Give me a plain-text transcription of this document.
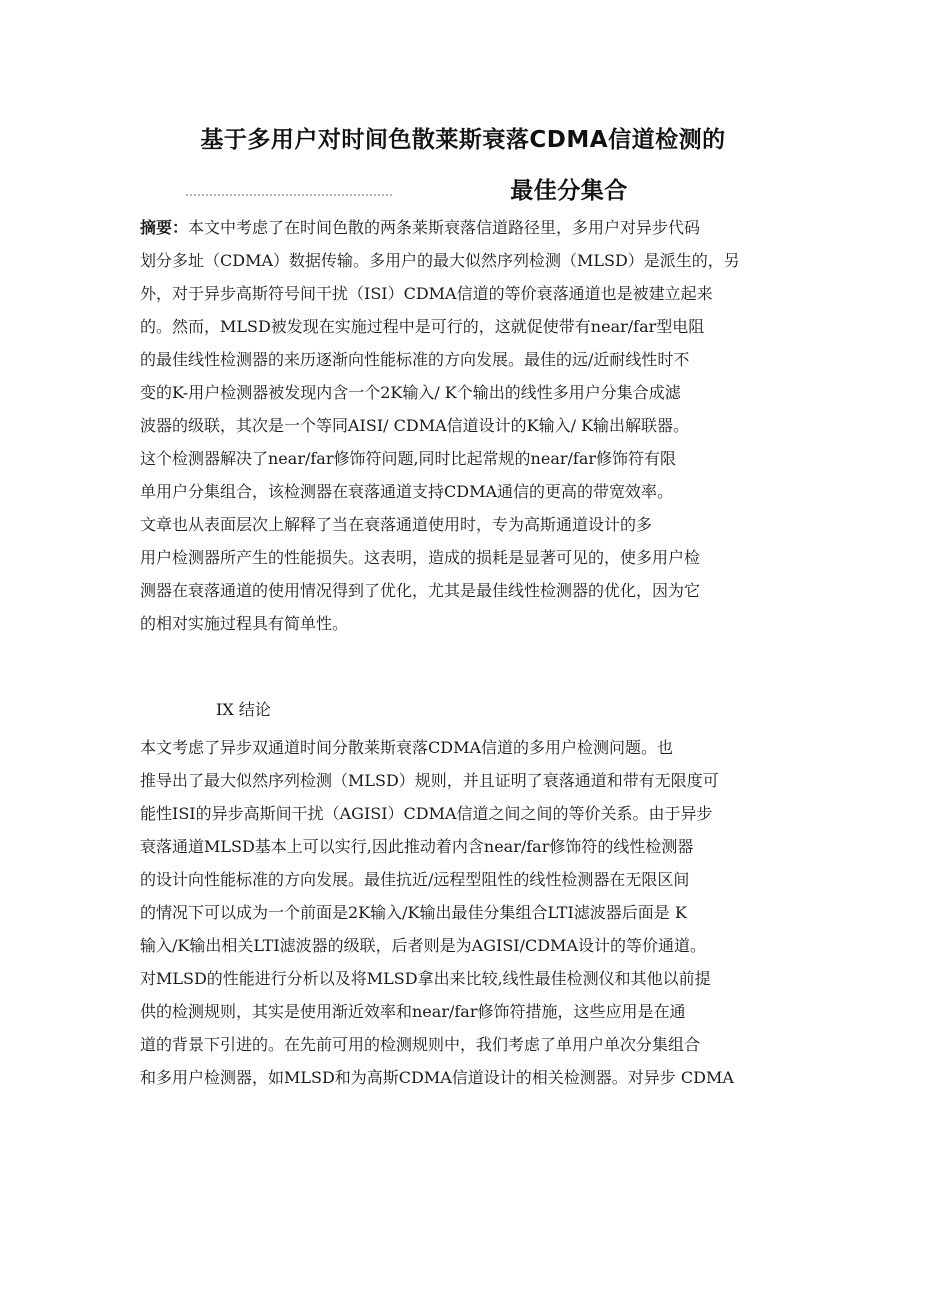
基于多用户对时间色散莱斯衰落CDMA信道检测的
最佳分集合
摘要：本文中考虑了在时间色散的两条莱斯衰落信道路径里，多用户对异步代码
划分多址（CDMA）数据传输。多用户的最大似然序列检测（MLSD）是派生的，另
外，对于异步高斯符号间干扰（ISI）CDMA信道的等价衰落通道也是被建立起来
的。然而，MLSD被发现在实施过程中是可行的，这就促使带有near/far型电阻
的最佳线性检测器的来历逐渐向性能标准的方向发展。最佳的远/近耐线性时不
变的K-用户检测器被发现内含一个2K输入/ K个输出的线性多用户分集合成滤
波器的级联，其次是一个等同AISI/ CDMA信道设计的K输入/ K输出解联器。
这个检测器解决了near/far修饰符问题,同时比起常规的near/far修饰符有限
单用户分集组合，该检测器在衰落通道支持CDMA通信的更高的带宽效率。
文章也从表面层次上解释了当在衰落通道使用时，专为高斯通道设计的多
用户检测器所产生的性能损失。这表明，造成的损耗是显著可见的，使多用户检
测器在衰落通道的使用情况得到了优化，尤其是最佳线性检测器的优化，因为它
的相对实施过程具有简单性。
IX 结论
本文考虑了异步双通道时间分散莱斯衰落CDMA信道的多用户检测问题。也
推导出了最大似然序列检测（MLSD）规则，并且证明了衰落通道和带有无限度可
能性ISI的异步高斯间干扰（AGISI）CDMA信道之间之间的等价关系。由于异步
衰落通道MLSD基本上可以实行,因此推动着内含near/far修饰符的线性检测器
的设计向性能标准的方向发展。最佳抗近/远程型阻性的线性检测器在无限区间
的情况下可以成为一个前面是2K输入/K输出最佳分集组合LTI滤波器后面是 K
输入/K输出相关LTI滤波器的级联，后者则是为AGISI/CDMA设计的等价通道。
对MLSD的性能进行分析以及将MLSD拿出来比较,线性最佳检测仪和其他以前提
供的检测规则，其实是使用渐近效率和near/far修饰符措施，这些应用是在通
道的背景下引进的。在先前可用的检测规则中，我们考虑了单用户单次分集组合
和多用户检测器，如MLSD和为高斯CDMA信道设计的相关检测器。对异步 CDMA
